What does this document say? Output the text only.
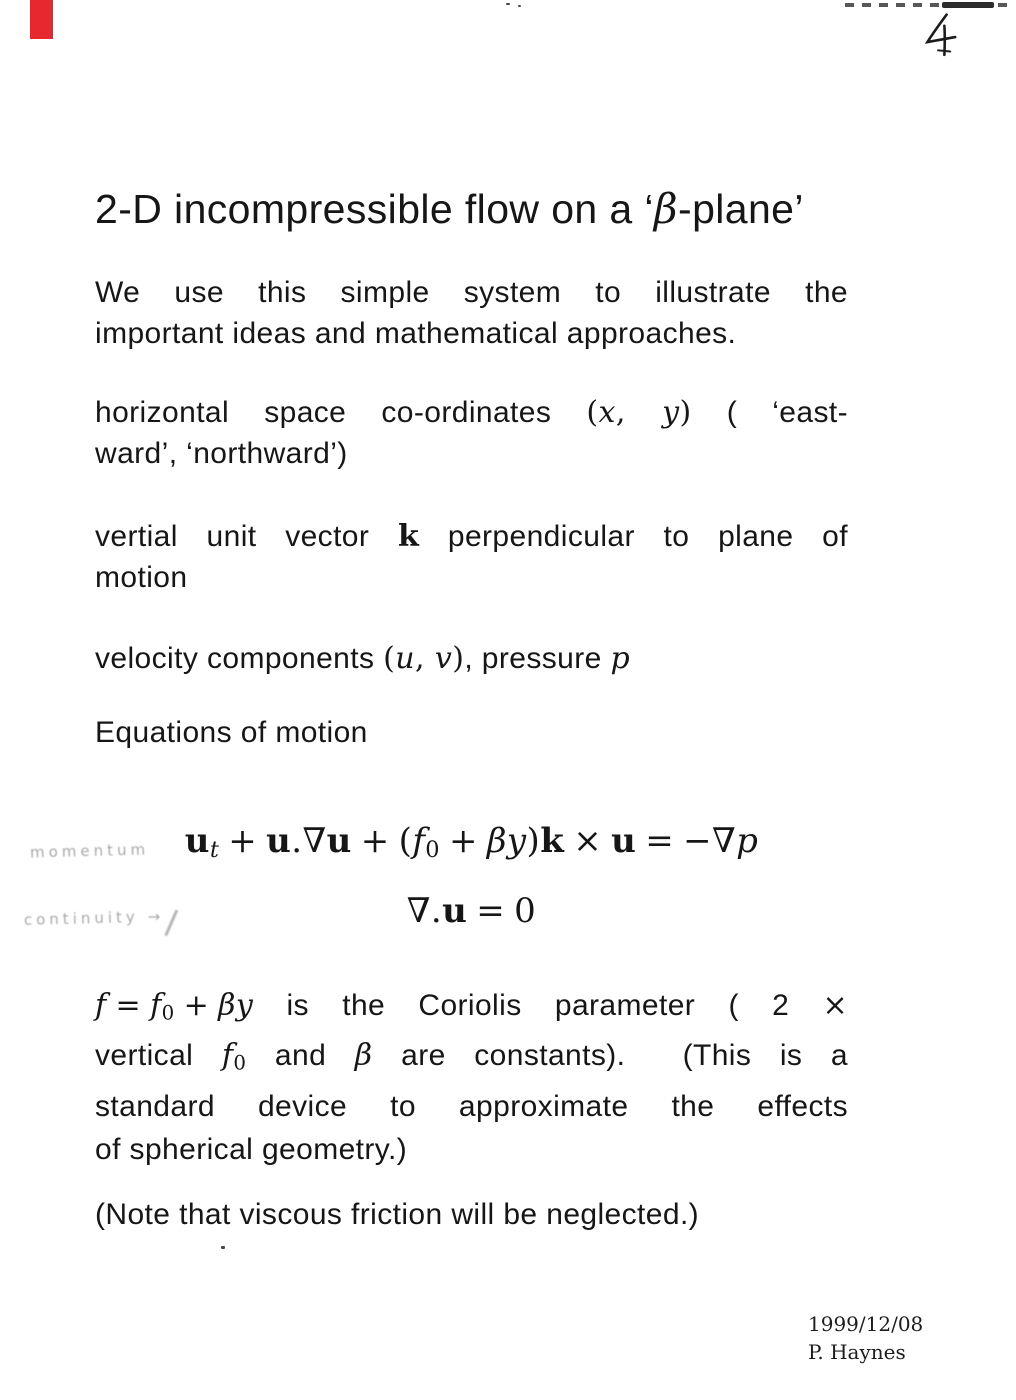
momentum
continuity →/
2-D incompressible flow on a ‘β-plane’
We use this simple system to illustrate the
important ideas and mathematical approaches.
horizontal space co-ordinates (x, y) ( ‘east-
ward’, ‘northward’)
vertial unit vector k perpendicular to plane of
motion
velocity components (u, v), pressure p
Equations of motion
ut + u.∇u + (f0 + βy)k × u = −∇p
∇.u = 0
f = f0 + βy is the Coriolis parameter ( 2 ×
vertical f0 and β are constants).  (This is a
standard device to approximate the effects
of spherical geometry.)
(Note that viscous friction will be neglected.)
1999/12/08
P. Haynes
